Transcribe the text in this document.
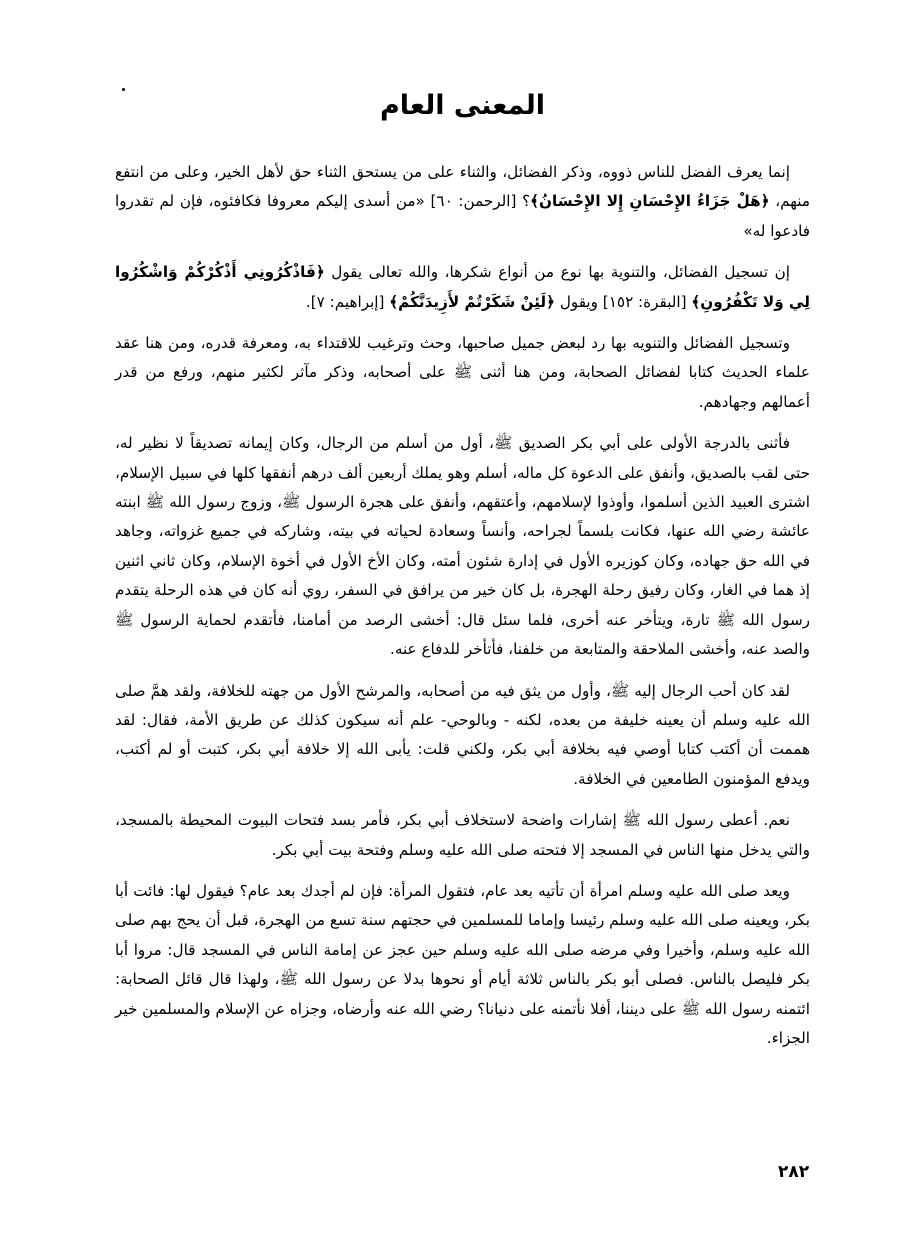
المعنى العام

إنما يعرف الفضل للناس ذووه، وذكر الفضائل، والثناء على من يستحق الثناء حق لأهل الخير، وعلى من انتفع منهم، ﴿هَلْ جَزَاءُ الإِحْسَانِ إِلا الإِحْسَانُ﴾؟ [الرحمن: ٦٠] «من أسدى إليكم معروفا فكافئوه، فإن لم تقدروا فادعوا له»

إن تسجيل الفضائل، والتنوية بها نوع من أنواع شكرها، والله تعالى يقول ﴿فَاذْكُرُونِي أَذْكُرْكُمْ وَاشْكُرُوا لِي وَلا تَكْفُرُونِ﴾ [البقرة: ١٥٢] ويقول ﴿لَئِنْ شَكَرْتُمْ لأَزِيدَنَّكُمْ﴾ [إبراهيم: ٧].

وتسجيل الفضائل والتنويه بها رد لبعض جميل صاحبها، وحث وترغيب للاقتداء به، ومعرفة قدره، ومن هنا عقد علماء الحديث كتابا لفضائل الصحابة، ومن هنا أثنى ﷺ على أصحابه، وذكر مآثر لكثير منهم، ورفع من قدر أعمالهم وجهادهم.

فأثنى بالدرجة الأولى على أبي بكر الصديق ﷺ، أول من أسلم من الرجال، وكان إيمانه تصديقاً لا نظير له، حتى لقب بالصديق، وأنفق على الدعوة كل ماله، أسلم وهو يملك أربعين ألف درهم أنفقها كلها في سبيل الإسلام، اشترى العبيد الذين أسلموا، وأوذوا لإسلامهم، وأعتقهم، وأنفق على هجرة الرسول ﷺ، وزوج رسول الله ﷺ ابنته عائشة رضي الله عنها، فكانت بلسماً لجراحه، وأنساً وسعادة لحياته في بيته، وشاركه في جميع غزواته، وجاهد في الله حق جهاده، وكان كوزيره الأول في إدارة شئون أمته، وكان الأخ الأول في أخوة الإسلام، وكان ثاني اثنين إذ هما في الغار، وكان رفيق رحلة الهجرة، بل كان خير من يرافق في السفر، روي أنه كان في هذه الرحلة يتقدم رسول الله ﷺ تارة، ويتأخر عنه أخرى، فلما سئل قال: أخشى الرصد من أمامنا، فأتقدم لحماية الرسول ﷺ والصد عنه، وأخشى الملاحقة والمتابعة من خلفنا، فأتأخر للدفاع عنه.

لقد كان أحب الرجال إليه ﷺ، وأول من يثق فيه من أصحابه، والمرشح الأول من جهته للخلافة، ولقد همَّ صلى الله عليه وسلم أن يعينه خليفة من بعده، لكنه - وبالوحي- علم أنه سيكون كذلك عن طريق الأمة، فقال: لقد هممت أن أكتب كتابا أوصي فيه بخلافة أبي بكر، ولكني قلت: يأبى الله إلا خلافة أبي بكر، كتبت أو لم أكتب، ويدفع المؤمنون الطامعين في الخلافة.

نعم. أعطى رسول الله ﷺ إشارات واضحة لاستخلاف أبي بكر، فأمر بسد فتحات البيوت المحيطة بالمسجد، والتي يدخل منها الناس في المسجد إلا فتحته صلى الله عليه وسلم وفتحة بيت أبي بكر.

ويعد صلى الله عليه وسلم امرأة أن تأتيه بعد عام، فتقول المرأة: فإن لم أجدك بعد عام؟ فيقول لها: فائت أبا بكر، ويعينه صلى الله عليه وسلم رئيسا وإماما للمسلمين في حجتهم سنة تسع من الهجرة، قبل أن يحج بهم صلى الله عليه وسلم، وأخيرا وفي مرضه صلى الله عليه وسلم حين عجز عن إمامة الناس في المسجد قال: مروا أبا بكر فليصل بالناس. فصلى أبو بكر بالناس ثلاثة أيام أو نحوها بدلا عن رسول الله ﷺ، ولهذا قال قائل الصحابة: ائتمنه رسول الله ﷺ على ديننا، أفلا نأتمنه على دنيانا؟ رضي الله عنه وأرضاه، وجزاه عن الإسلام والمسلمين خير الجزاء.

٢٨٢
